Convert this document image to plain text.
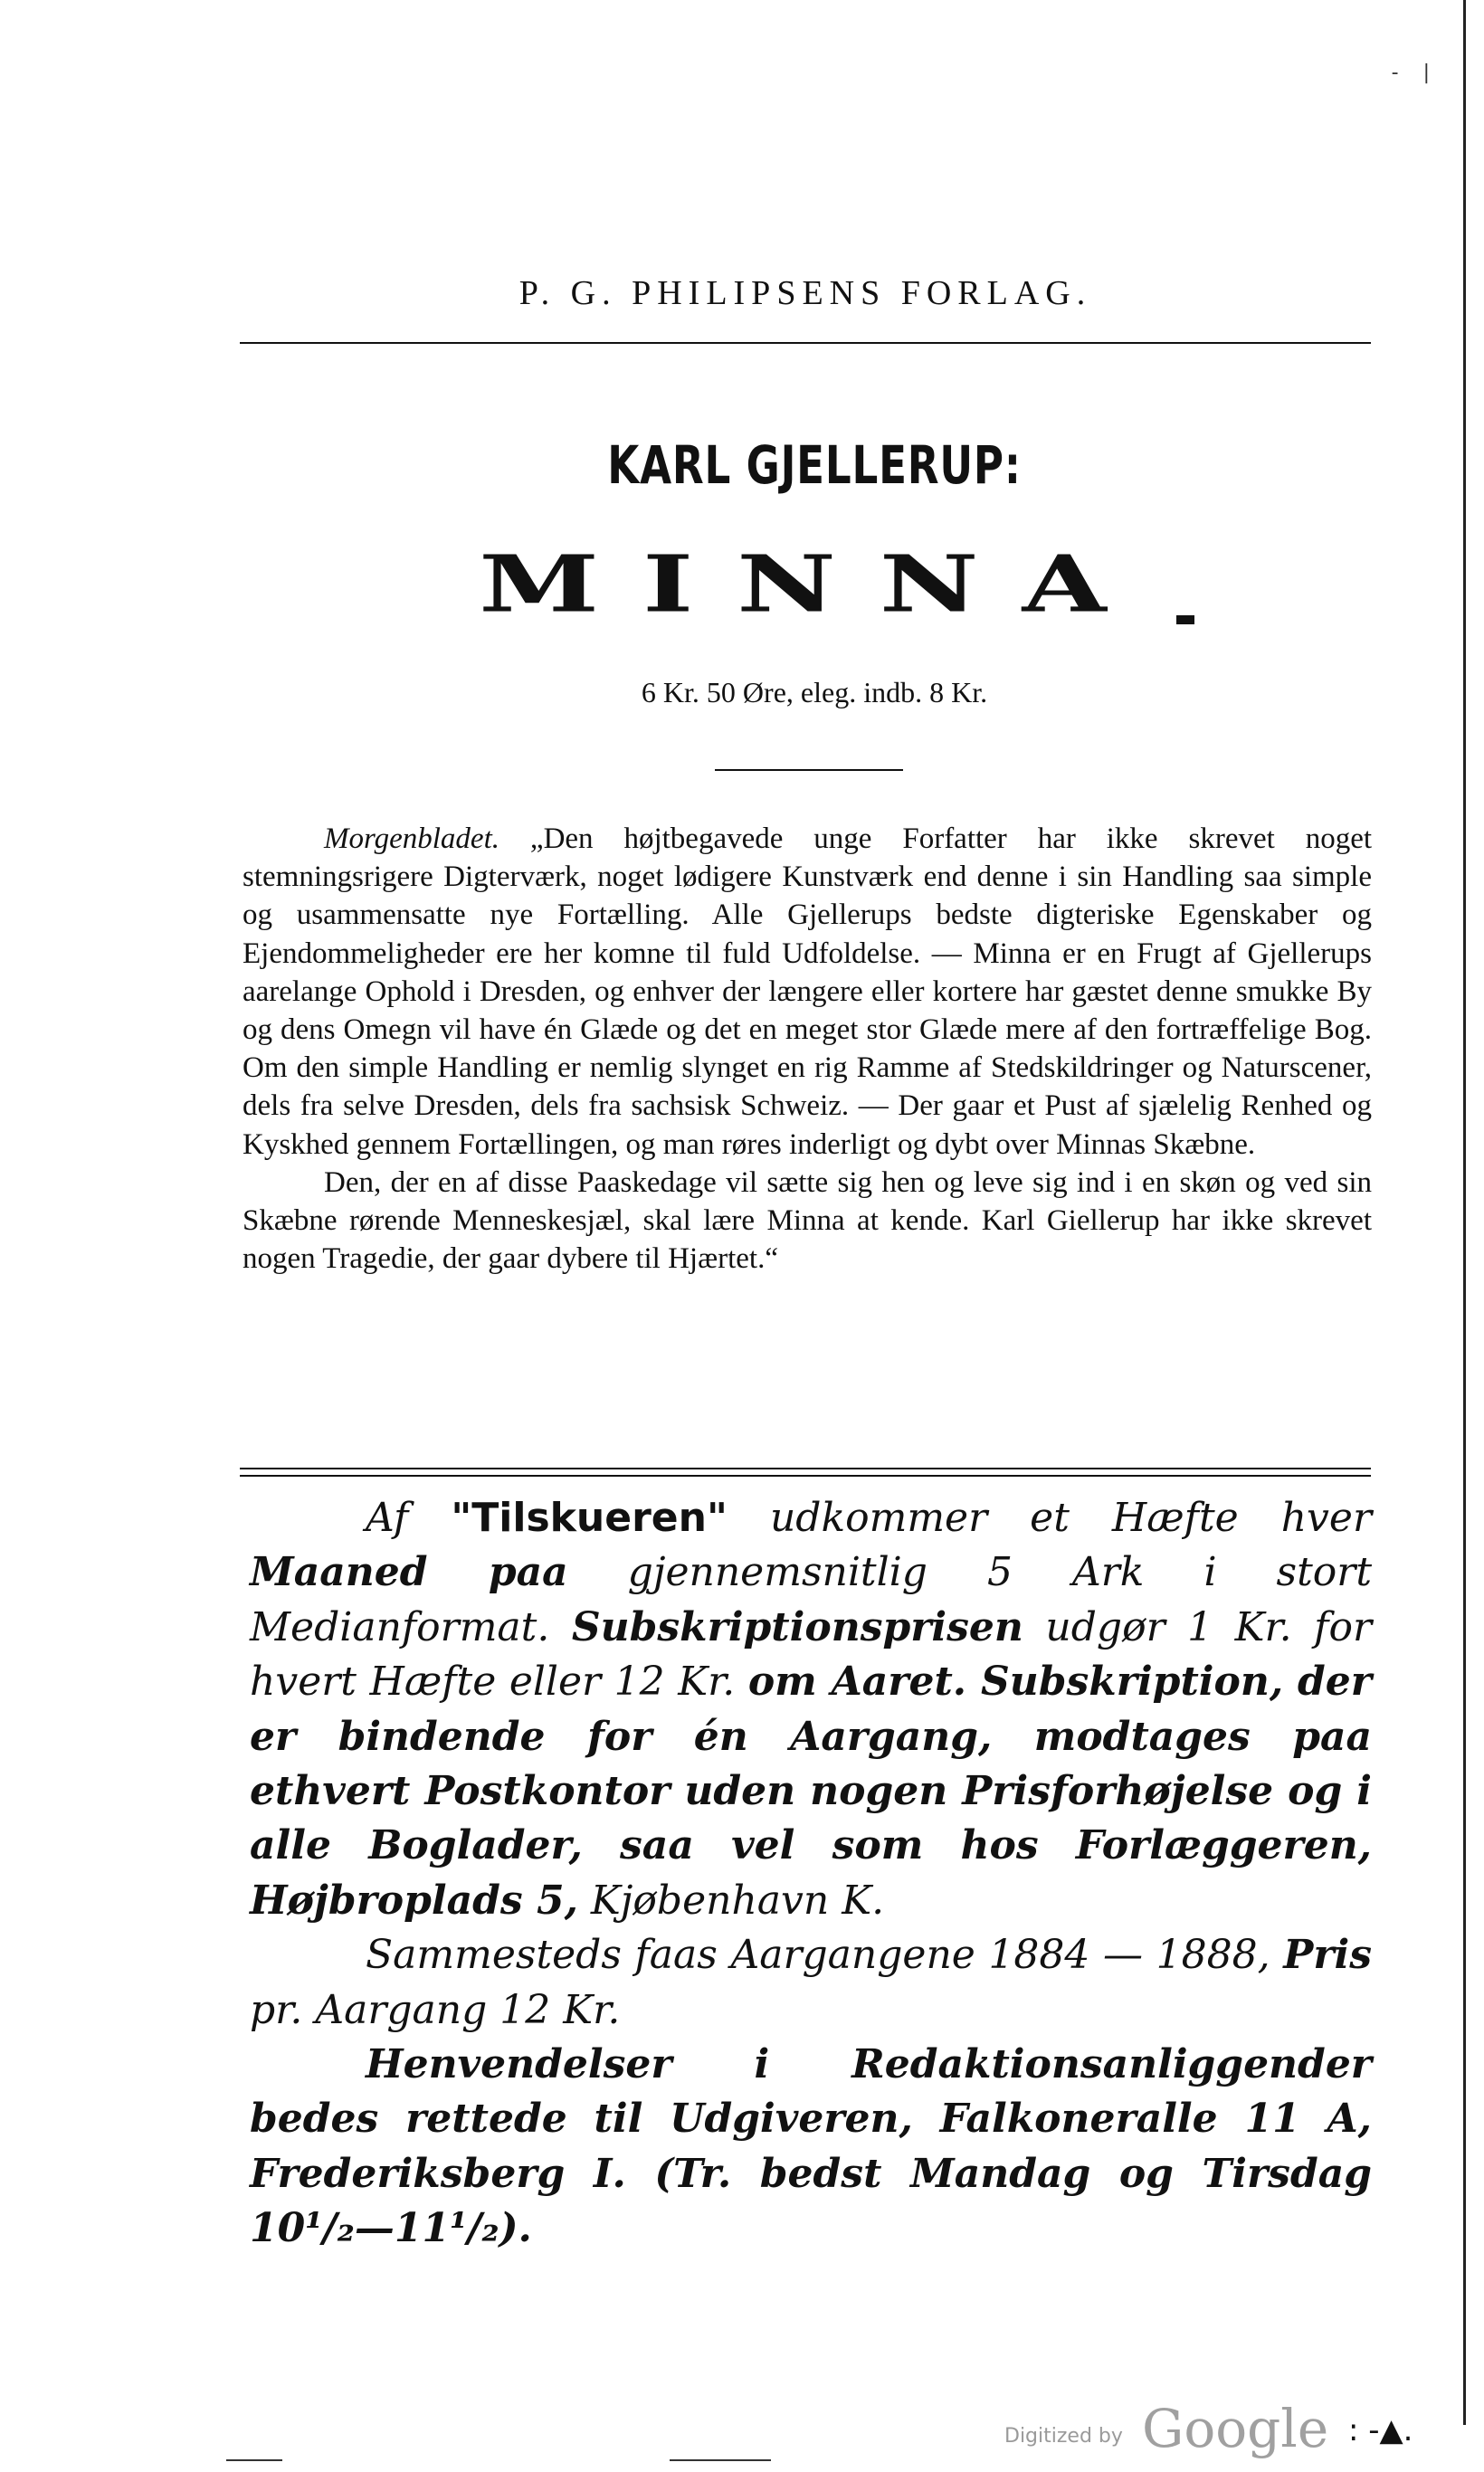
- |
P. G. PHILIPSENS FORLAG.
KARL GJELLERUP:
MINNA
6 Kr. 50 Øre, eleg. indb. 8 Kr.

Morgenbladet. „Den højtbegavede unge Forfatter har ikke skrevet noget stemningsrigere Digterværk, noget lødigere Kunstværk end denne i sin Handling saa simple og usammensatte nye Fortælling. Alle Gjellerups bedste digteriske Egenskaber og Ejendommeligheder ere her komne til fuld Udfoldelse. — Minna er en Frugt af Gjellerups aarelange Ophold i Dresden, og enhver der længere eller kortere har gæstet denne smukke By og dens Omegn vil have én Glæde og det en meget stor Glæde mere af den fortræffelige Bog. Om den simple Handling er nemlig slynget en rig Ramme af Stedskildringer og Naturscener, dels fra selve Dresden, dels fra sachsisk Schweiz. — Der gaar et Pust af sjælelig Renhed og Kyskhed gennem Fortællingen, og man røres inderligt og dybt over Minnas Skæbne.

Den, der en af disse Paaskedage vil sætte sig hen og leve sig ind i en skøn og ved sin Skæbne rørende Menneskesjæl, skal lære Minna at kende. Karl Giellerup har ikke skrevet nogen Tragedie, der gaar dybere til Hjærtet.“

Af "Tilskueren" udkommer et Hæfte hver Maaned paa gjennemsnitlig 5 Ark i stort Medianformat. Subskriptionsprisen udgør 1 Kr. for hvert Hæfte eller 12 Kr. om Aaret. Subskription, der er bindende for én Aargang, modtages paa ethvert Postkontor uden nogen Prisforhøjelse og i alle Boglader, saa vel som hos Forlæggeren, Højbroplads 5, Kjøbenhavn K.

Sammesteds faas Aargangene 1884 — 1888, Pris pr. Aargang 12 Kr.

Henvendelser i Redaktionsanliggender bedes rettede til Udgiveren, Falkoneralle 11 A, Frederiksberg I. (Tr. bedst Mandag og Tirsdag 10¹/₂—11¹/₂).

Digitized by Google : -▲.
